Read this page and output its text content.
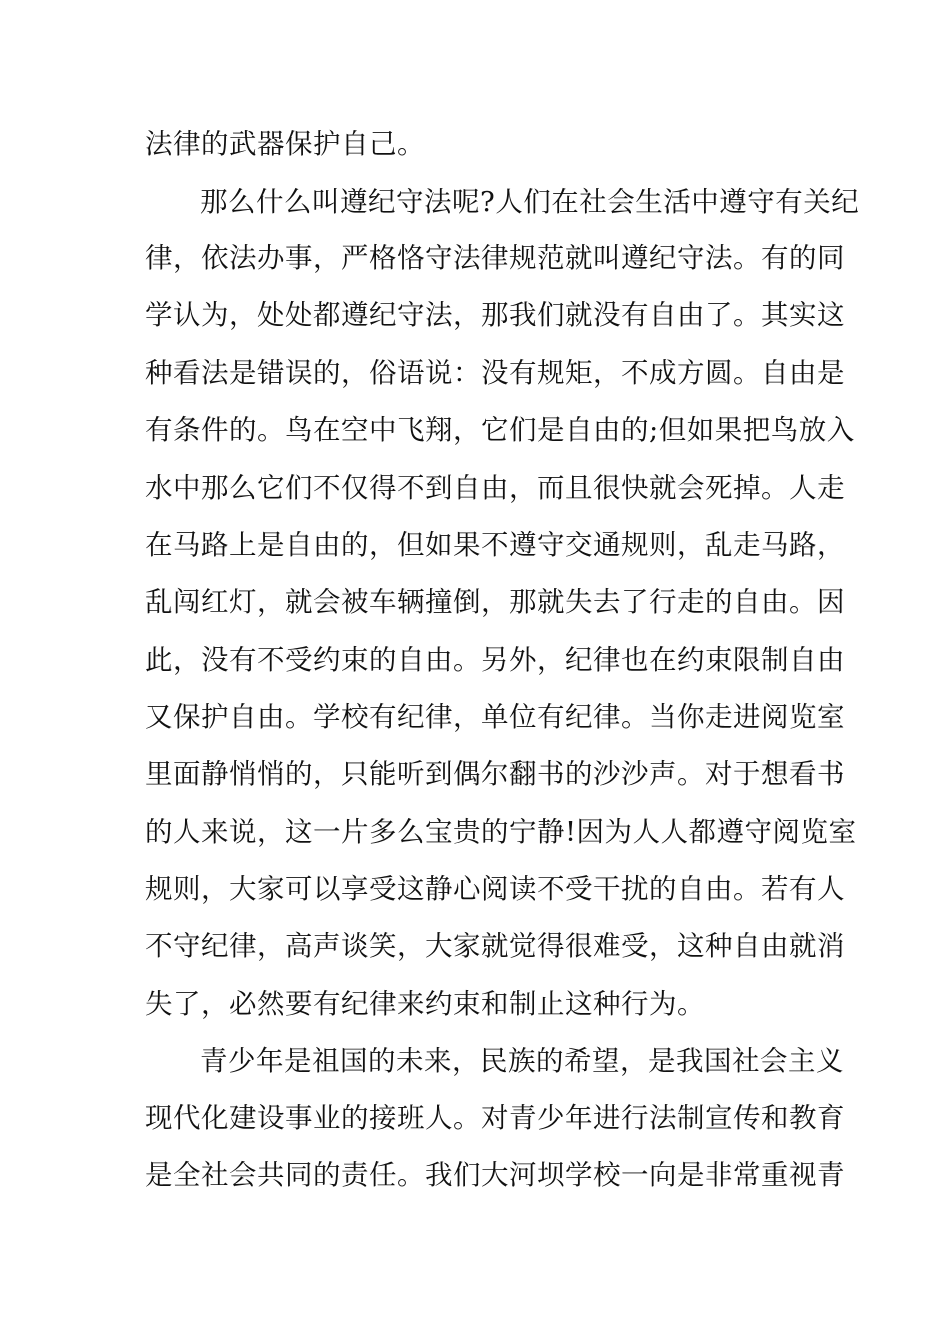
法律的武器保护自己。
那么什么叫遵纪守法呢?人们在社会生活中遵守有关纪
律，依法办事，严格恪守法律规范就叫遵纪守法。有的同
学认为，处处都遵纪守法，那我们就没有自由了。其实这
种看法是错误的，俗语说：没有规矩，不成方圆。自由是
有条件的。鸟在空中飞翔，它们是自由的;但如果把鸟放入
水中那么它们不仅得不到自由，而且很快就会死掉。人走
在马路上是自由的，但如果不遵守交通规则，乱走马路，
乱闯红灯，就会被车辆撞倒，那就失去了行走的自由。因
此，没有不受约束的自由。另外，纪律也在约束限制自由
又保护自由。学校有纪律，单位有纪律。当你走进阅览室
里面静悄悄的，只能听到偶尔翻书的沙沙声。对于想看书
的人来说，这一片多么宝贵的宁静!因为人人都遵守阅览室
规则，大家可以享受这静心阅读不受干扰的自由。若有人
不守纪律，高声谈笑，大家就觉得很难受，这种自由就消
失了，必然要有纪律来约束和制止这种行为。
青少年是祖国的未来，民族的希望，是我国社会主义
现代化建设事业的接班人。对青少年进行法制宣传和教育
是全社会共同的责任。我们大河坝学校一向是非常重视青
